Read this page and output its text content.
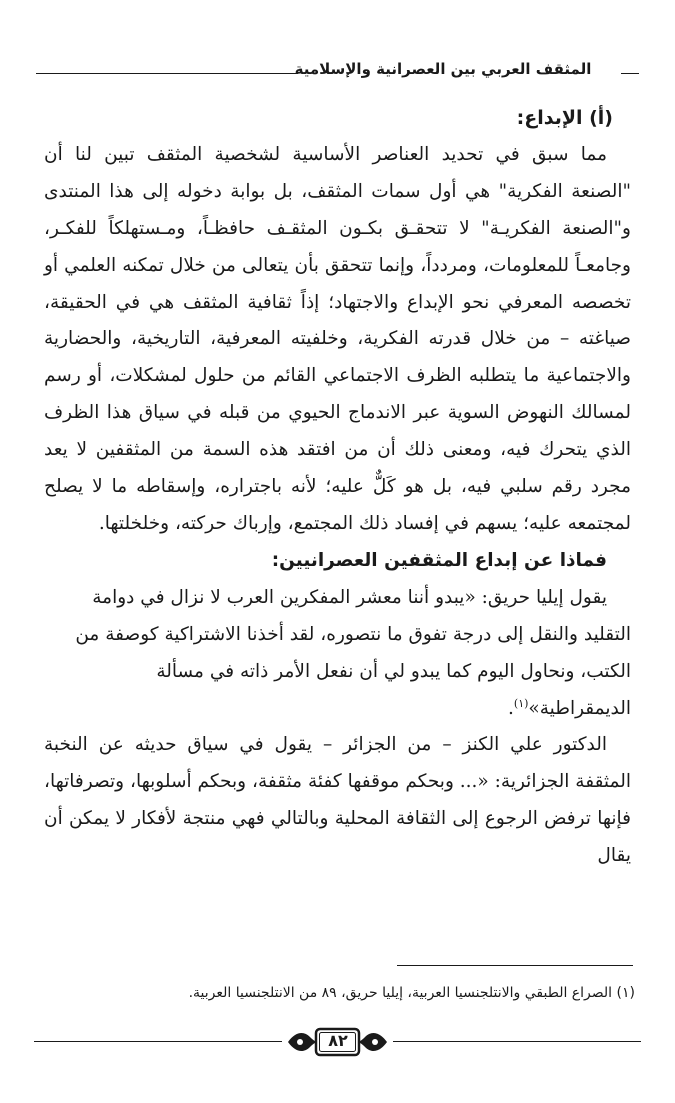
المثقف العربي بين العصرانية والإسلامية

(أ) الإبداع:

مما سبق في تحديد العناصر الأساسية لشخصية المثقف تبين لنا أن "الصنعة الفكرية" هي أول سمات المثقف، بل بوابة دخوله إلى هذا المنتدى و"الصنعة الفكريـة" لا تتحقـق بكـون المثقـف حافظـاً، ومـستهلكاً للفكـر، وجامعـاً للمعلومات، ومردداً، وإنما تتحقق بأن يتعالى من خلال تمكنه العلمي أو تخصصه المعرفي نحو الإبداع والاجتهاد؛ إذاً ثقافية المثقف هي في الحقيقة، صياغته – من خلال قدرته الفكرية، وخلفيته المعرفية، التاريخية، والحضارية والاجتماعية ما يتطلبه الظرف الاجتماعي القائم من حلول لمشكلات، أو رسم لمسالك النهوض السوية عبر الاندماج الحيوي من قبله في سياق هذا الظرف الذي يتحرك فيه، ومعنى ذلك أن من افتقد هذه السمة من المثقفين لا يعد مجرد رقم سلبي فيه، بل هو كَلٌّ عليه؛ لأنه باجتراره، وإسقاطه ما لا يصلح لمجتمعه عليه؛ يسهم في إفساد ذلك المجتمع، وإرباك حركته، وخلخلتها.

فماذا عن إبداع المثقفين العصرانيين:

يقول إيليا حريق: «يبدو أننا معشر المفكرين العرب لا نزال في دوامة التقليد والنقل إلى درجة تفوق ما نتصوره، لقد أخذنا الاشتراكية كوصفة من الكتب، ونحاول اليوم كما يبدو لي أن نفعل الأمر ذاته في مسألة الديمقراطية»$^{(١)}$.

الدكتور علي الكنز – من الجزائر – يقول في سياق حديثه عن النخبة المثقفة الجزائرية: «... وبحكم موقفها كفئة مثقفة، وبحكم أسلوبها، وتصرفاتها، فإنها ترفض الرجوع إلى الثقافة المحلية وبالتالي فهي منتجة لأفكار لا يمكن أن يقال

(١) الصراع الطبقي والانتلجنسيا العربية، إيليا حريق، ٨٩ من الانتلجنسيا العربية.
٨٢
